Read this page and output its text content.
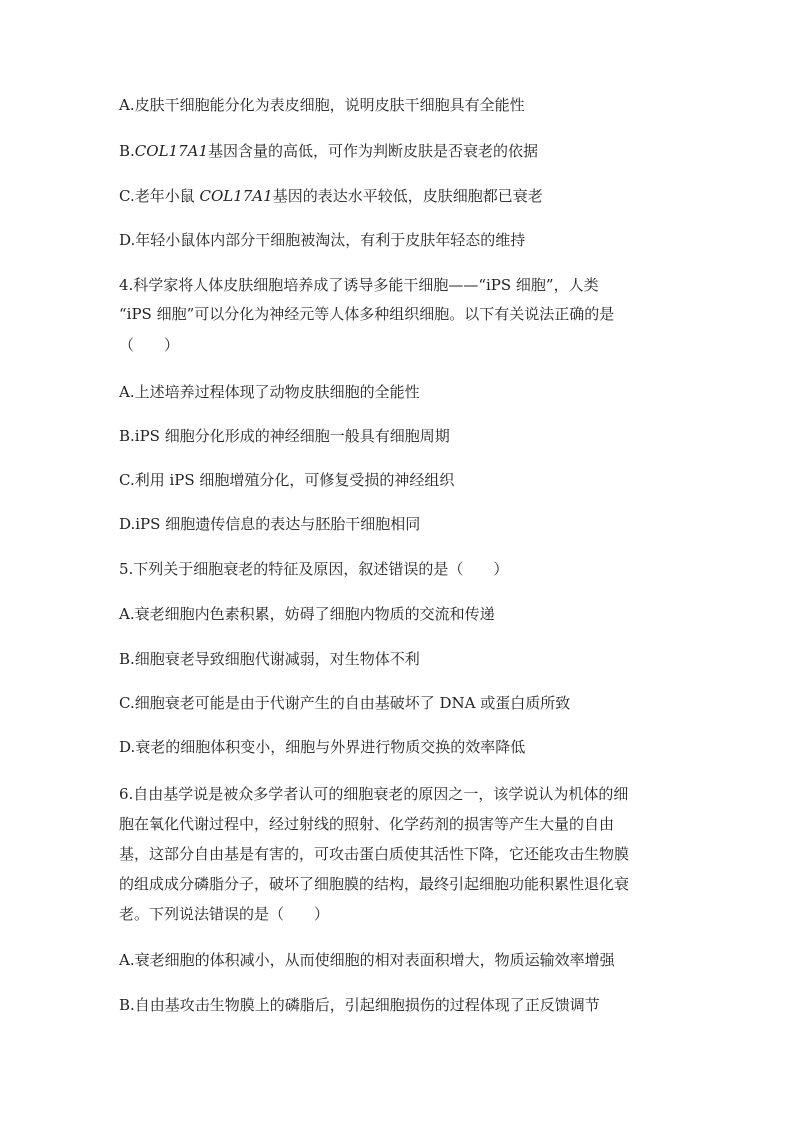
A.皮肤干细胞能分化为表皮细胞，说明皮肤干细胞具有全能性
B.COL17A1基因含量的高低，可作为判断皮肤是否衰老的依据
C.老年小鼠 COL17A1基因的表达水平较低，皮肤细胞都已衰老
D.年轻小鼠体内部分干细胞被淘汰，有利于皮肤年轻态的维持
4.科学家将人体皮肤细胞培养成了诱导多能干细胞——“iPS 细胞”，人类
“iPS 细胞”可以分化为神经元等人体多种组织细胞。以下有关说法正确的是
（　　）
A.上述培养过程体现了动物皮肤细胞的全能性
B.iPS 细胞分化形成的神经细胞一般具有细胞周期
C.利用 iPS 细胞增殖分化，可修复受损的神经组织
D.iPS 细胞遗传信息的表达与胚胎干细胞相同
5.下列关于细胞衰老的特征及原因，叙述错误的是（　　）
A.衰老细胞内色素积累，妨碍了细胞内物质的交流和传递
B.细胞衰老导致细胞代谢减弱，对生物体不利
C.细胞衰老可能是由于代谢产生的自由基破坏了 DNA 或蛋白质所致
D.衰老的细胞体积变小，细胞与外界进行物质交换的效率降低
6.自由基学说是被众多学者认可的细胞衰老的原因之一，该学说认为机体的细
胞在氧化代谢过程中，经过射线的照射、化学药剂的损害等产生大量的自由
基，这部分自由基是有害的，可攻击蛋白质使其活性下降，它还能攻击生物膜
的组成成分磷脂分子，破坏了细胞膜的结构，最终引起细胞功能积累性退化衰
老。下列说法错误的是（　　）
A.衰老细胞的体积减小，从而使细胞的相对表面积增大，物质运输效率增强
B.自由基攻击生物膜上的磷脂后，引起细胞损伤的过程体现了正反馈调节
